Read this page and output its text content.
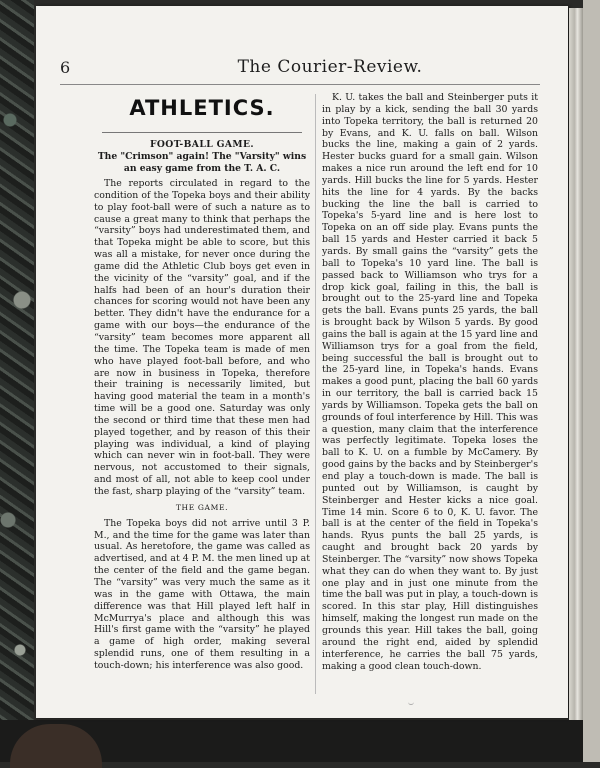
6	The Courier-Review.

ATHLETICS.

FOOT-BALL GAME.

The "Crimson" again! The "Varsity" wins an easy game from the T. A. C.

The reports circulated in regard to the condition of the Topeka boys and their ability to play foot-ball were of such a nature as to cause a great many to think that perhaps the “varsity” boys had underestimated them, and that Topeka might be able to score, but this was all a mistake, for never once during the game did the Athletic Club boys get even in the vicinity of the “varsity” goal, and if the halfs had been of an hour's duration their chances for scoring would not have been any better. They didn't have the endurance for a game with our boys—the endurance of the “varsity” team becomes more apparent all the time. The Topeka team is made of men who have played foot-ball before, and who are now in business in Topeka, therefore their training is necessarily limited, but having good material the team in a month's time will be a good one. Saturday was only the second or third time that these men had played together, and by reason of this their playing was individual, a kind of playing which can never win in foot-ball. They were nervous, not accustomed to their signals, and most of all, not able to keep cool under the fast, sharp playing of the “varsity” team.

THE GAME.

The Topeka boys did not arrive until 3 P. M., and the time for the game was later than usual. As heretofore, the game was called as advertised, and at 4 P. M. the men lined up at the center of the field and the game began. The “varsity” was very much the same as it was in the game with Ottawa, the main difference was that Hill played left half in McMurrya's place and although this was Hill's first game with the “varsity” he played a game of high order, making several splendid runs, one of them resulting in a touch-down; his interference was also good.

K. U. takes the ball and Steinberger puts it in play by a kick, sending the ball 30 yards into Topeka territory, the ball is returned 20 by Evans, and K. U. falls on ball. Wilson bucks the line, making a gain of 2 yards. Hester bucks guard for a small gain. Wilson makes a nice run around the left end for 10 yards. Hill bucks the line for 5 yards. Hester hits the line for 4 yards. By the backs bucking the line the ball is carried to Topeka's 5-yard line and is here lost to Topeka on an off side play. Evans punts the ball 15 yards and Hester carried it back 5 yards. By small gains the “varsity” gets the ball to Topeka's 10 yard line. The ball is passed back to Williamson who trys for a drop kick goal, failing in this, the ball is brought out to the 25-yard line and Topeka gets the ball. Evans punts 25 yards, the ball is brought back by Wilson 5 yards. By good gains the ball is again at the 15 yard line and Williamson trys for a goal from the field, being successful the ball is brought out to the 25-yard line, in Topeka's hands. Evans makes a good punt, placing the ball 60 yards in our territory, the ball is carried back 15 yards by Williamson. Topeka gets the ball on grounds of foul interference by Hill. This was a question, many claim that the interference was perfectly legitimate. Topeka loses the ball to K. U. on a fumble by McCamery. By good gains by the backs and by Steinberger's end play a touch-down is made. The ball is punted out by Williamson, is caught by Steinberger and Hester kicks a nice goal. Time 14 min. Score 6 to 0, K. U. favor. The ball is at the center of the field in Topeka's hands. Ryus punts the ball 25 yards, is caught and brought back 20 yards by Steinberger. The “varsity” now shows Topeka what they can do when they want to. By just one play and in just one minute from the time the ball was put in play, a touch-down is scored. In this star play, Hill distinguishes himself, making the longest run made on the grounds this year. Hill takes the ball, going around the right end, aided by splendid interference, he carries the ball 75 yards, making a good clean touch-down.
